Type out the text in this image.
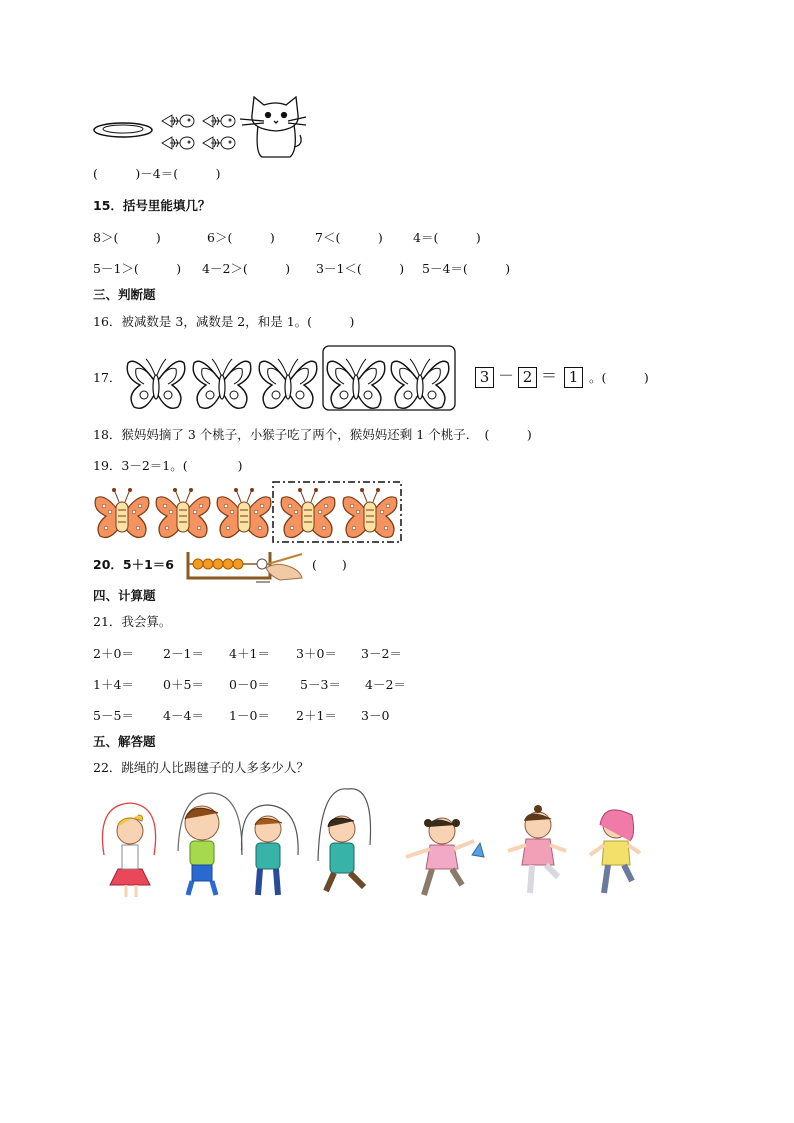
(　　　)－4＝(　　　)
15．括号里能填几？
8＞(　　　)	6＞(　　　)	7＜(　　　) 4＝(　　　)
5－1＞(　　　) 4－2＞(　　　) 3－1＜(　　　) 5－4＝(　　　)
三、判断题
16．被减数是 3，减数是 2，和是 1。(　　　)
17．	3 － 2 ＝ 1 。(　　　)
18．猴妈妈摘了 3 个桃子，小猴子吃了两个，猴妈妈还剩 1 个桃子．　(　　　)
19．3－2＝1。(　　　　)
20．5＋1＝6	(　　)
四、计算题
21．我会算。
2＋0＝ 2－1＝ 4＋1＝ 3＋0＝ 3－2＝
1＋4＝ 0＋5＝ 0－0＝ 5－3＝ 4－2＝
5－5＝ 4－4＝ 1－0＝ 2＋1＝ 3－0
五、解答题
22．跳绳的人比踢毽子的人多多少人？
